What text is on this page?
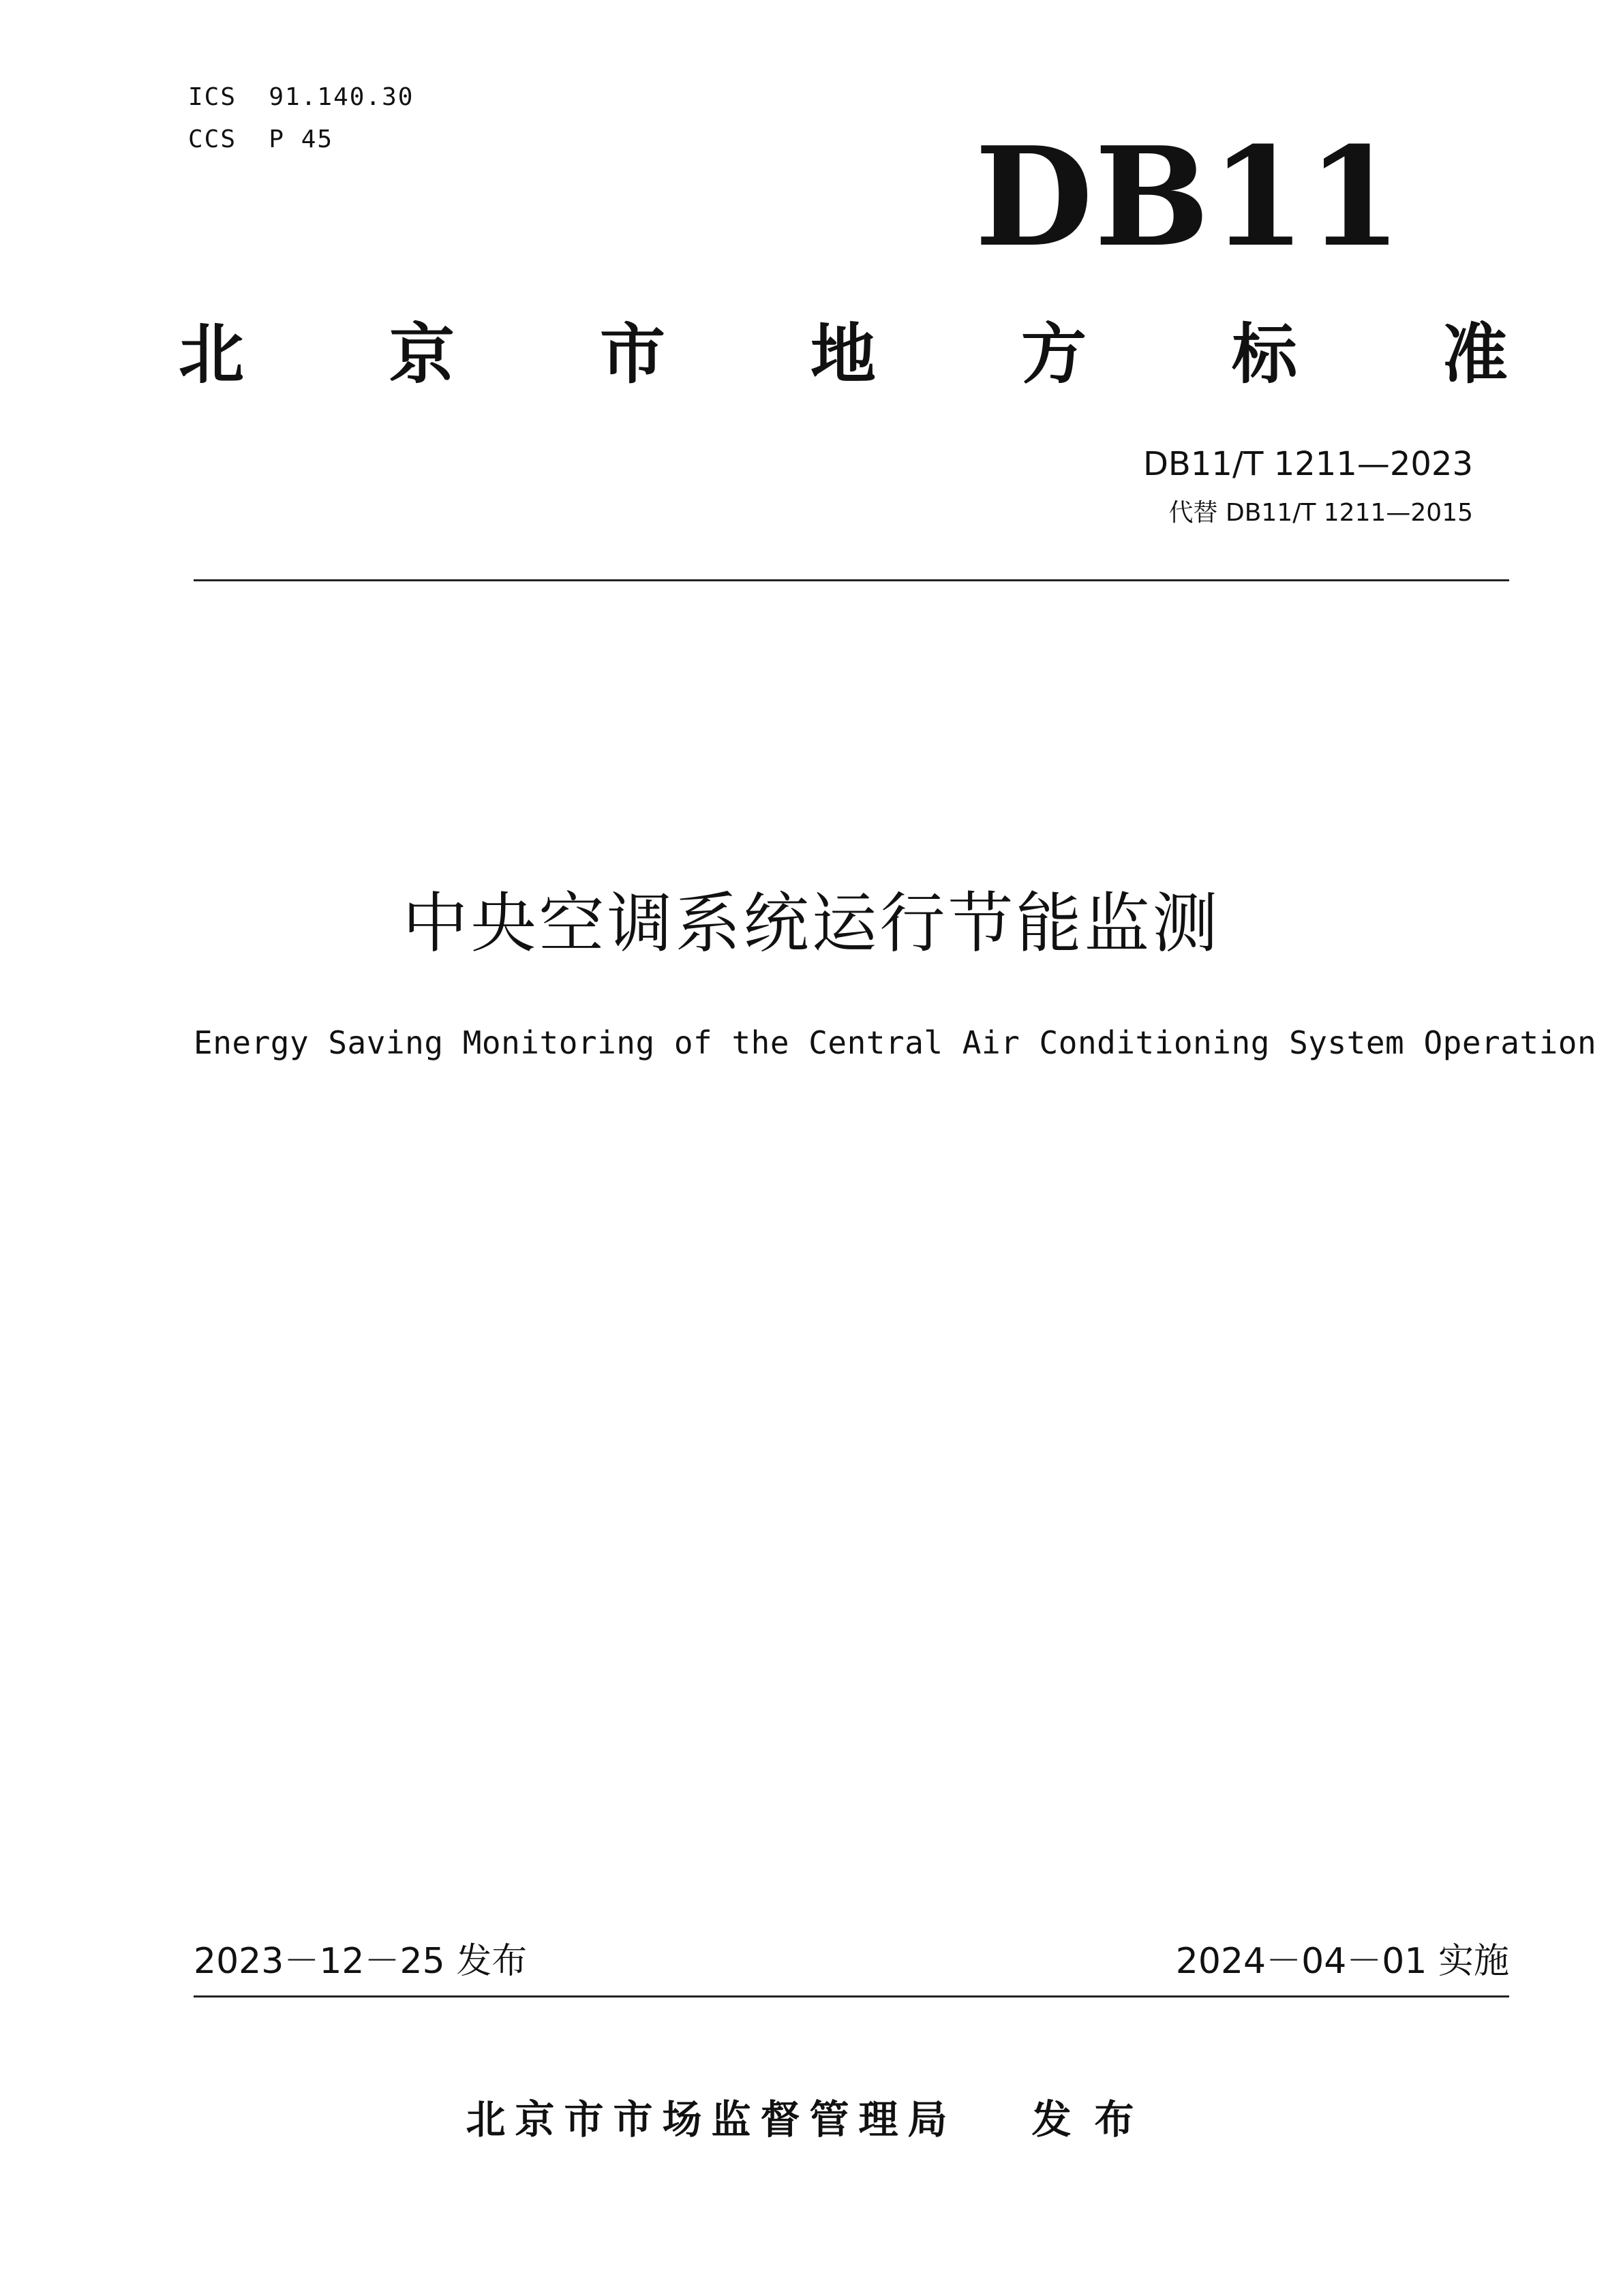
ICS  91.140.30
CCS  P 45	DB11
北 京 市 地 方 标 准
DB11/T 1211—2023
代替 DB11/T 1211—2015
中央空调系统运行节能监测
Energy Saving Monitoring of the Central Air Conditioning System Operation
2023－12－25 发布	2024－04－01 实施
北京市市场监督管理局 发布
